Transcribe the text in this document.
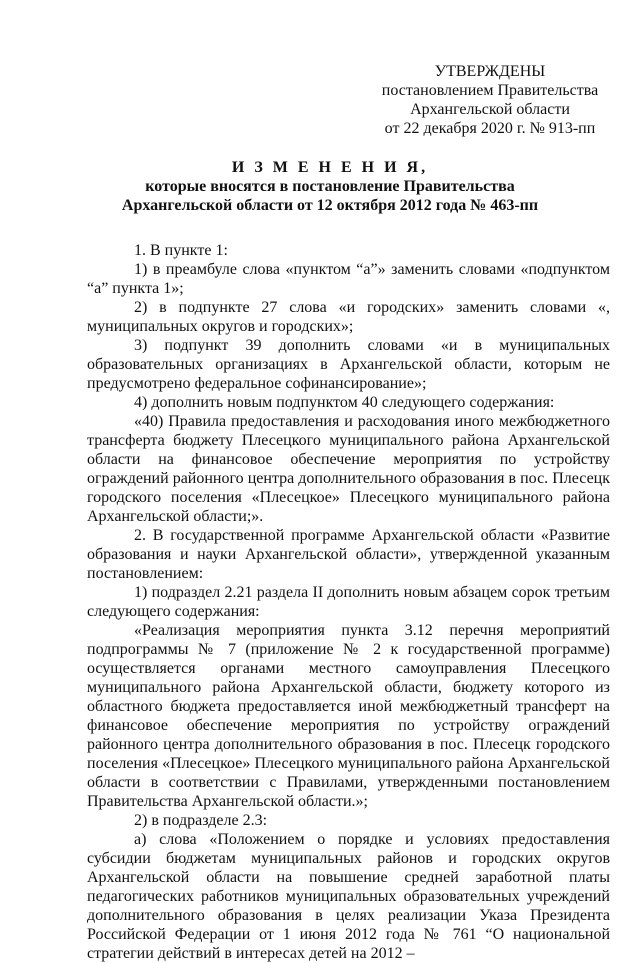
УТВЕРЖДЕНЫ
постановлением Правительства
Архангельской области
от 22 декабря 2020 г. № 913-пп
И З М Е Н Е Н И Я,
которые вносятся в постановление Правительства
Архангельской области от 12 октября 2012 года № 463-пп

1. В пункте 1:

1) в преамбуле слова «пунктом “а”» заменить словами «подпунктом “а” пункта 1»;

2) в подпункте 27 слова «и городских» заменить словами «, муниципальных округов и городских»;

3) подпункт 39 дополнить словами «и в муниципальных образовательных организациях в Архангельской области, которым не предусмотрено федеральное софинансирование»;

4) дополнить новым подпунктом 40 следующего содержания:

«40) Правила предоставления и расходования иного межбюджетного трансферта бюджету Плесецкого муниципального района Архангельской области на финансовое обеспечение мероприятия по устройству ограждений районного центра дополнительного образования в пос. Плесецк городского поселения «Плесецкое» Плесецкого муниципального района Архангельской области;».

2. В государственной программе Архангельской области «Развитие образования и науки Архангельской области», утвержденной указанным постановлением:

1) подраздел 2.21 раздела II дополнить новым абзацем сорок третьим следующего содержания:

«Реализация мероприятия пункта 3.12 перечня мероприятий подпрограммы № 7 (приложение № 2 к государственной программе) осуществляется органами местного самоуправления Плесецкого муниципального района Архангельской области, бюджету которого из областного бюджета предоставляется иной межбюджетный трансферт на финансовое обеспечение мероприятия по устройству ограждений районного центра дополнительного образования в пос. Плесецк городского поселения «Плесецкое» Плесецкого муниципального района Архангельской области в соответствии с Правилами, утвержденными постановлением Правительства Архангельской области.»;

2) в подразделе 2.3:

а) слова «Положением о порядке и условиях предоставления субсидии бюджетам муниципальных районов и городских округов Архангельской области на повышение средней заработной платы педагогических работников муниципальных образовательных учреждений дополнительного образования в целях реализации Указа Президента Российской Федерации от 1 июня 2012 года № 761 “О национальной стратегии действий в интересах детей на 2012 –
